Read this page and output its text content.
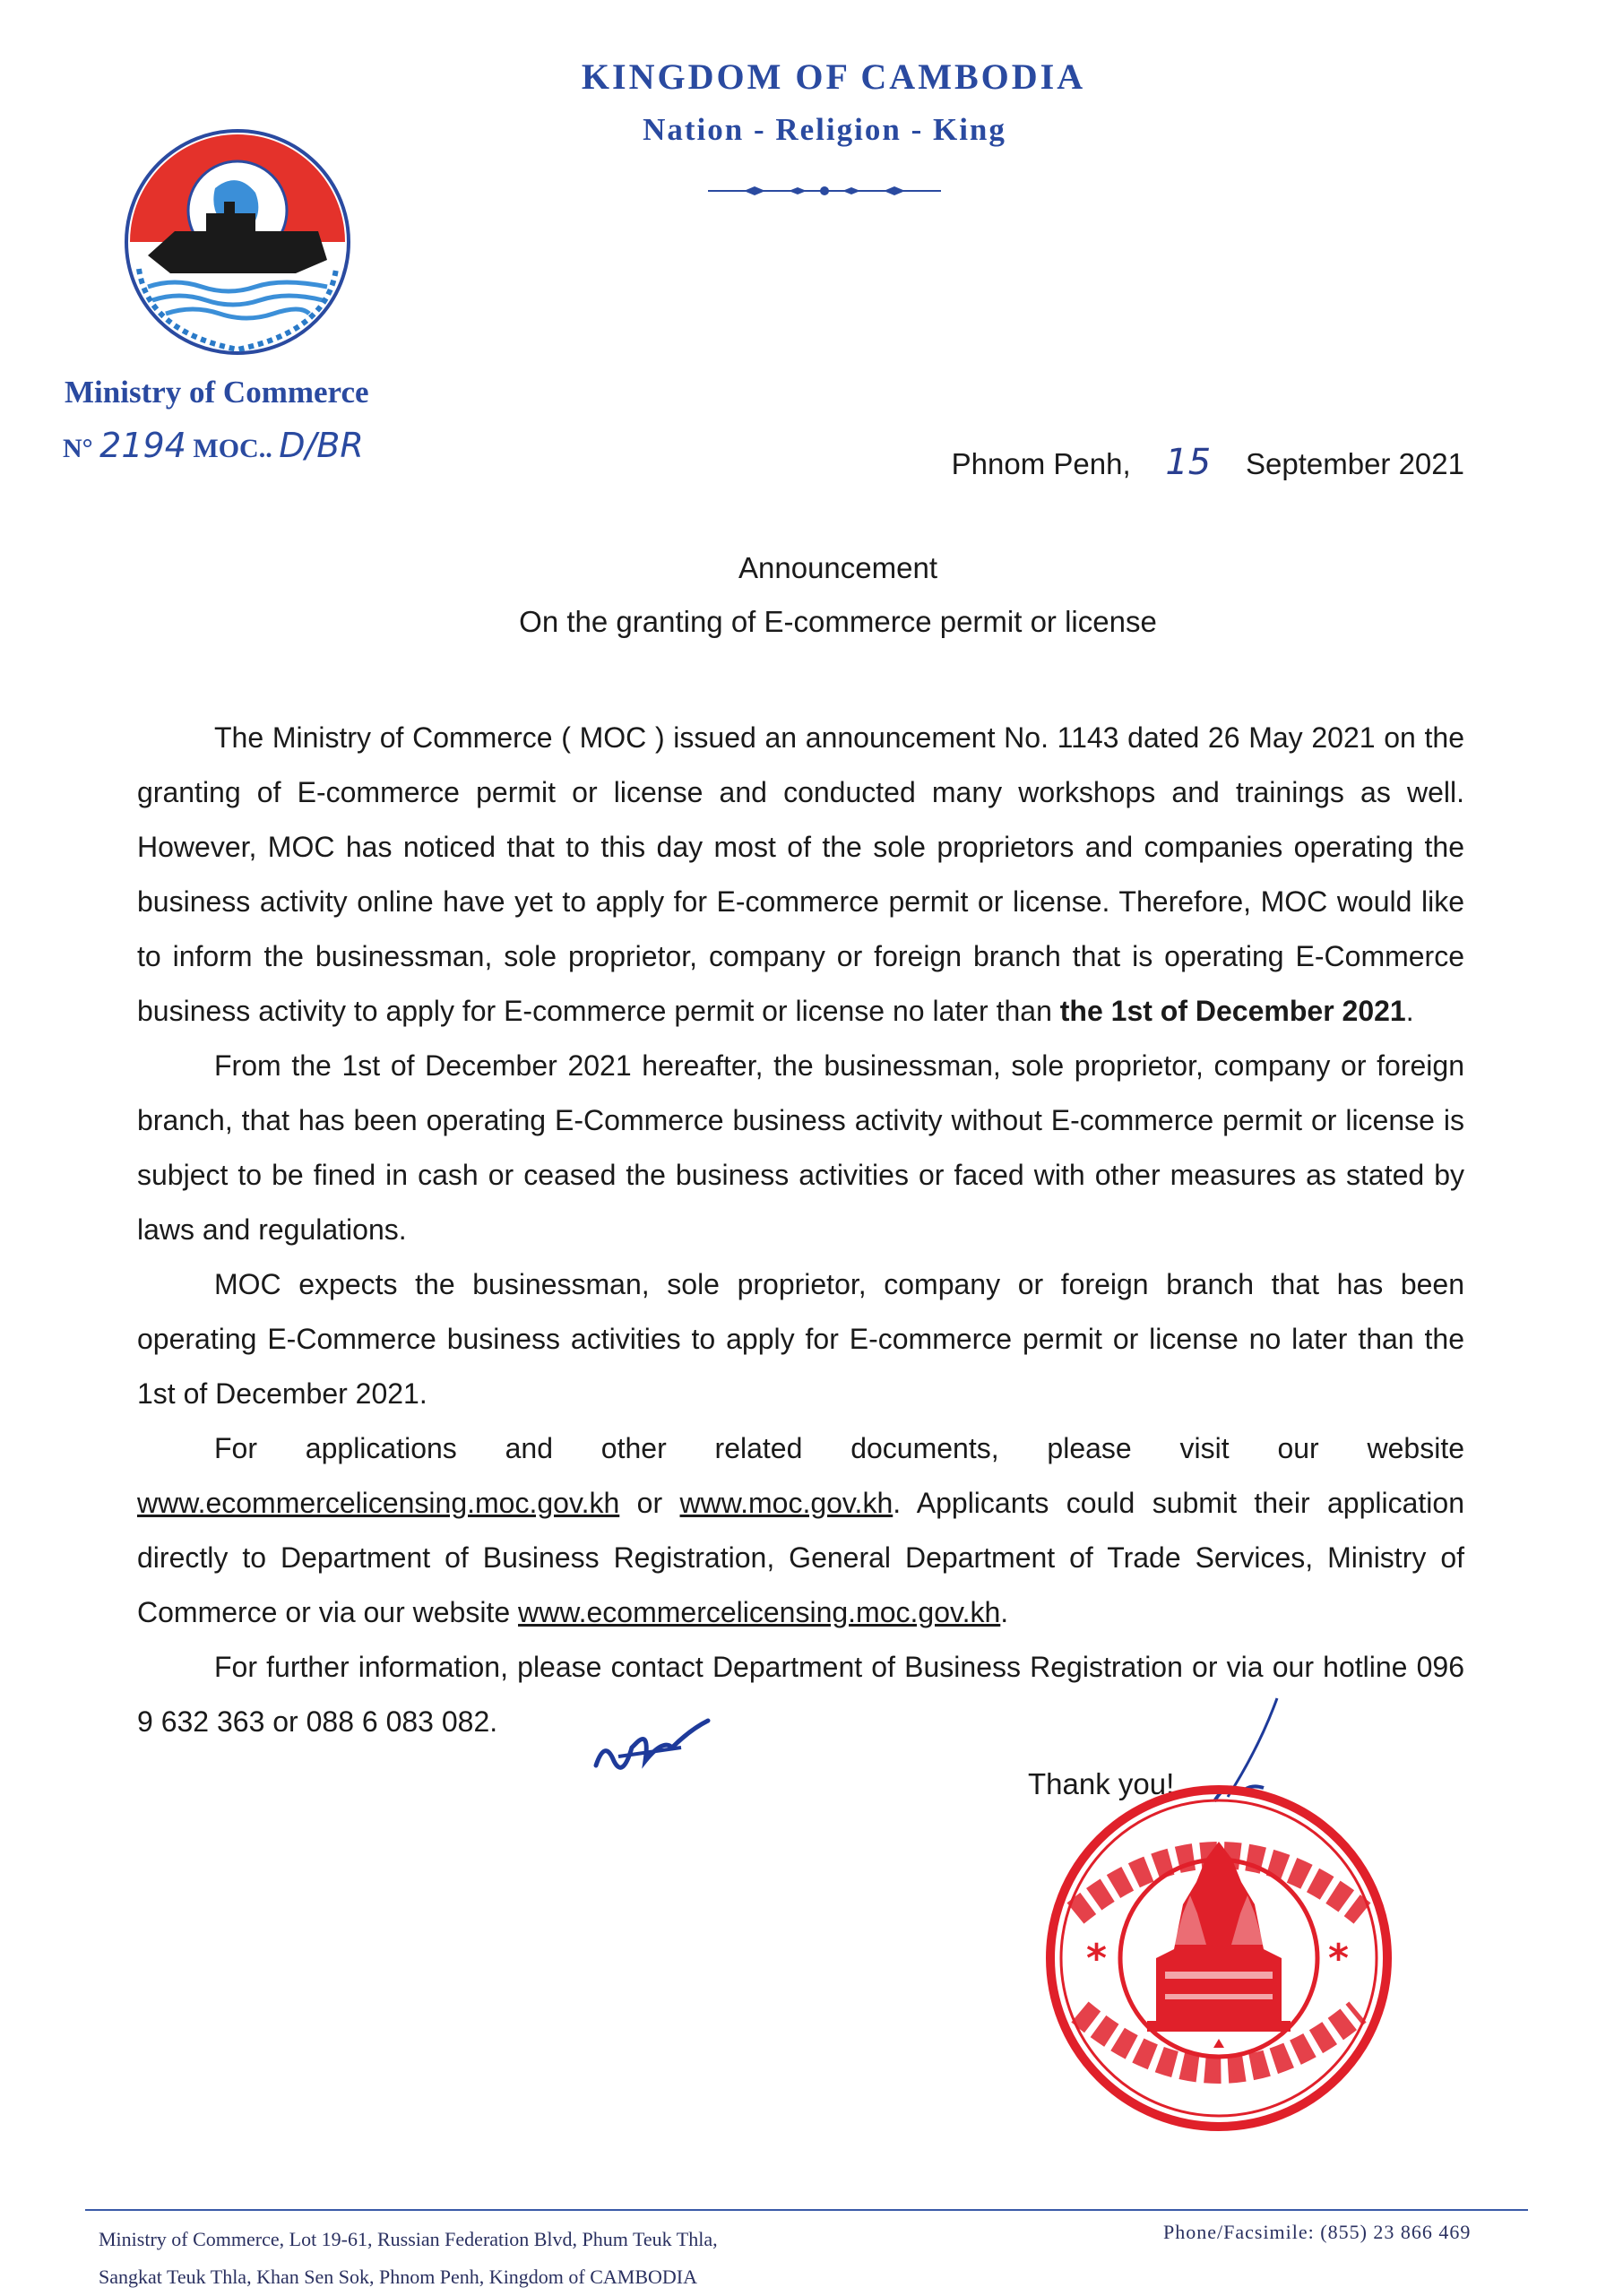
KINGDOM OF CAMBODIA
Nation - Religion - King
Ministry of Commerce
N° 2194 MOC.. D/BR	Phnom Penh, 15 September 2021
Announcement
On the granting of E-commerce permit or license

The Ministry of Commerce ( MOC ) issued an announcement No. 1143 dated 26 May 2021 on the granting of E-commerce permit or license and conducted many workshops and trainings as well. However, MOC has noticed that to this day most of the sole proprietors and companies operating the business activity online have yet to apply for E-commerce permit or license. Therefore, MOC would like to inform the businessman, sole proprietor, company or foreign branch that is operating E-Commerce business activity to apply for E-commerce permit or license no later than the 1st of December 2021.

From the 1st of December 2021 hereafter, the businessman, sole proprietor, company or foreign branch, that has been operating E-Commerce business activity without E-commerce permit or license is subject to be fined in cash or ceased the business activities or faced with other measures as stated by laws and regulations.

MOC expects the businessman, sole proprietor, company or foreign branch that has been operating E-Commerce business activities to apply for E-commerce permit or license no later than the 1st of December 2021.

For applications and other related documents, please visit our website www.ecommercelicensing.moc.gov.kh or www.moc.gov.kh. Applicants could submit their application directly to Department of Business Registration, General Department of Trade Services, Ministry of Commerce or via our website www.ecommercelicensing.moc.gov.kh.

For further information, please contact Department of Business Registration or via our hotline 096 9 632 363 or 088 6 083 082.

Thank you!
*	*
Ministry of Commerce, Lot 19-61, Russian Federation Blvd, Phum Teuk Thla,
Sangkat Teuk Thla, Khan Sen Sok, Phnom Penh, Kingdom of CAMBODIA
Phone/Facsimile: (855) 23 866 469
